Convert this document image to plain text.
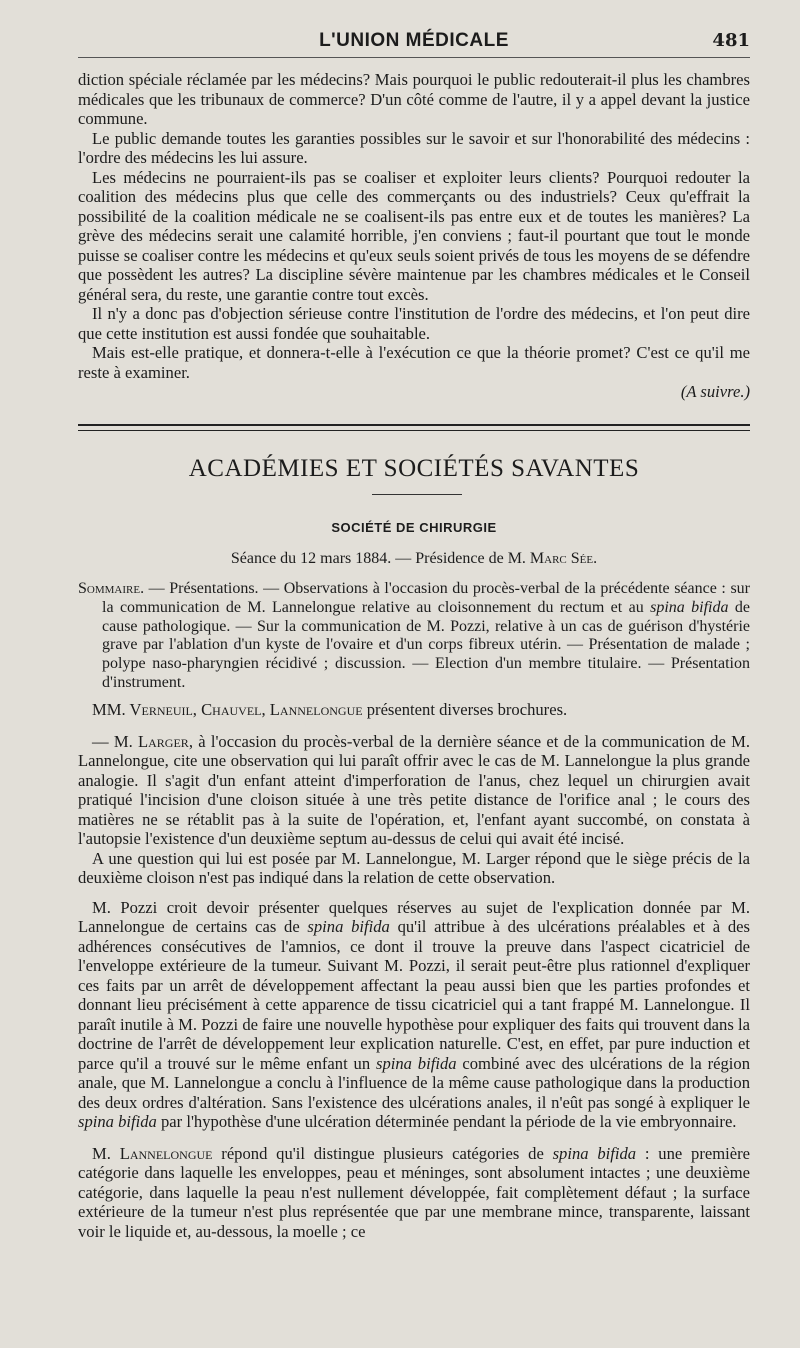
L'UNION MÉDICALE	481

diction spéciale réclamée par les médecins? Mais pourquoi le public redouterait-il plus les chambres médicales que les tribunaux de commerce? D'un côté comme de l'autre, il y a appel devant la justice commune.

Le public demande toutes les garanties possibles sur le savoir et sur l'honorabilité des médecins : l'ordre des médecins les lui assure.

Les médecins ne pourraient-ils pas se coaliser et exploiter leurs clients? Pourquoi redouter la coalition des médecins plus que celle des commerçants ou des industriels? Ceux qu'effrait la possibilité de la coalition médicale ne se coalisent-ils pas entre eux et de toutes les manières? La grève des médecins serait une calamité horrible, j'en conviens ; faut-il pourtant que tout le monde puisse se coaliser contre les médecins et qu'eux seuls soient privés de tous les moyens de se défendre que possèdent les autres? La discipline sévère maintenue par les chambres médicales et le Conseil général sera, du reste, une garantie contre tout excès.

Il n'y a donc pas d'objection sérieuse contre l'institution de l'ordre des médecins, et l'on peut dire que cette institution est aussi fondée que souhaitable.

Mais est-elle pratique, et donnera-t-elle à l'exécution ce que la théorie promet? C'est ce qu'il me reste à examiner.

(A suivre.)

ACADÉMIES ET SOCIÉTÉS SAVANTES
SOCIÉTÉ DE CHIRURGIE
Séance du 12 mars 1884. — Présidence de M. Marc Sée.

Sommaire. — Présentations. — Observations à l'occasion du procès-verbal de la précédente séance : sur la communication de M. Lannelongue relative au cloisonnement du rectum et au spina bifida de cause pathologique. — Sur la communication de M. Pozzi, relative à un cas de guérison d'hystérie grave par l'ablation d'un kyste de l'ovaire et d'un corps fibreux utérin. — Présentation de malade ; polype naso-pharyngien récidivé ; discussion. — Election d'un membre titulaire. — Présentation d'instrument.

MM. Verneuil, Chauvel, Lannelongue présentent diverses brochures.

— M. Larger, à l'occasion du procès-verbal de la dernière séance et de la communication de M. Lannelongue, cite une observation qui lui paraît offrir avec le cas de M. Lannelongue la plus grande analogie. Il s'agit d'un enfant atteint d'imperforation de l'anus, chez lequel un chirurgien avait pratiqué l'incision d'une cloison située à une très petite distance de l'orifice anal ; le cours des matières ne se rétablit pas à la suite de l'opération, et, l'enfant ayant succombé, on constata à l'autopsie l'existence d'un deuxième septum au-dessus de celui qui avait été incisé.

A une question qui lui est posée par M. Lannelongue, M. Larger répond que le siège précis de la deuxième cloison n'est pas indiqué dans la relation de cette observation.

M. Pozzi croit devoir présenter quelques réserves au sujet de l'explication donnée par M. Lannelongue de certains cas de spina bifida qu'il attribue à des ulcérations préalables et à des adhérences consécutives de l'amnios, ce dont il trouve la preuve dans l'aspect cicatriciel de l'enveloppe extérieure de la tumeur. Suivant M. Pozzi, il serait peut-être plus rationnel d'expliquer ces faits par un arrêt de développement affectant la peau aussi bien que les parties profondes et donnant lieu précisément à cette apparence de tissu cicatriciel qui a tant frappé M. Lannelongue. Il paraît inutile à M. Pozzi de faire une nouvelle hypothèse pour expliquer des faits qui trouvent dans la doctrine de l'arrêt de développement leur explication naturelle. C'est, en effet, par pure induction et parce qu'il a trouvé sur le même enfant un spina bifida combiné avec des ulcérations de la région anale, que M. Lannelongue a conclu à l'influence de la même cause pathologique dans la production des deux ordres d'altération. Sans l'existence des ulcérations anales, il n'eût pas songé à expliquer le spina bifida par l'hypothèse d'une ulcération déterminée pendant la période de la vie embryonnaire.

M. Lannelongue répond qu'il distingue plusieurs catégories de spina bifida : une première catégorie dans laquelle les enveloppes, peau et méninges, sont absolument intactes ; une deuxième catégorie, dans laquelle la peau n'est nullement développée, fait complètement défaut ; la surface extérieure de la tumeur n'est plus représentée que par une membrane mince, transparente, laissant voir le liquide et, au-dessous, la moelle ; ce
